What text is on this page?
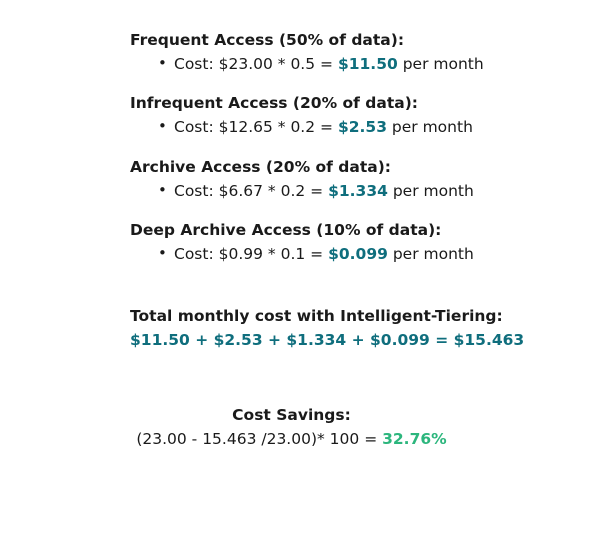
Frequent Access (50% of data):

• Cost: $23.00 * 0.5 = $11.50 per month

Infrequent Access (20% of data):

• Cost: $12.65 * 0.2 = $2.53 per month

Archive Access (20% of data):

• Cost: $6.67 * 0.2 = $1.334 per month

Deep Archive Access (10% of data):

• Cost: $0.99 * 0.1 = $0.099 per month

Total monthly cost with Intelligent-Tiering:

$11.50 + $2.53 + $1.334 + $0.099 = $15.463

Cost Savings:

(23.00 - 15.463 /23.00)* 100 = 32.76%
